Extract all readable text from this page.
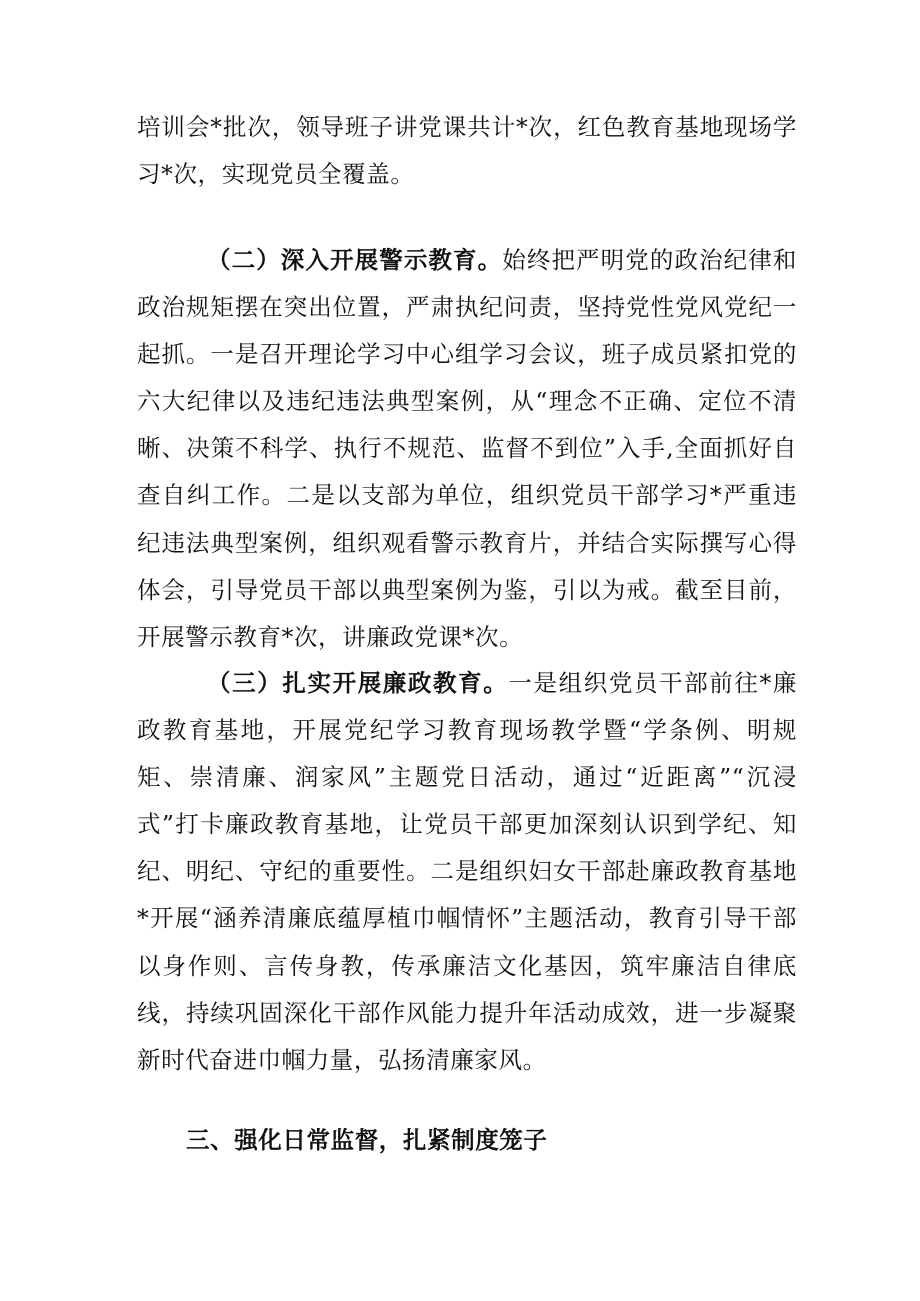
培训会*批次，领导班子讲党课共计*次，红色教育基地现场学习*次，实现党员全覆盖。

（二）深入开展警示教育。始终把严明党的政治纪律和政治规矩摆在突出位置，严肃执纪问责，坚持党性党风党纪一起抓。一是召开理论学习中心组学习会议，班子成员紧扣党的六大纪律以及违纪违法典型案例，从“理念不正确、定位不清晰、决策不科学、执行不规范、监督不到位”入手,全面抓好自查自纠工作。二是以支部为单位，组织党员干部学习*严重违纪违法典型案例，组织观看警示教育片，并结合实际撰写心得体会，引导党员干部以典型案例为鉴，引以为戒。截至目前，开展警示教育*次，讲廉政党课*次。

（三）扎实开展廉政教育。一是组织党员干部前往*廉政教育基地，开展党纪学习教育现场教学暨“学条例、明规矩、崇清廉、润家风”主题党日活动，通过“近距离”“沉浸式”打卡廉政教育基地，让党员干部更加深刻认识到学纪、知纪、明纪、守纪的重要性。二是组织妇女干部赴廉政教育基地*开展“涵养清廉底蕴厚植巾帼情怀”主题活动，教育引导干部以身作则、言传身教，传承廉洁文化基因，筑牢廉洁自律底线，持续巩固深化干部作风能力提升年活动成效，进一步凝聚新时代奋进巾帼力量，弘扬清廉家风。

三、强化日常监督，扎紧制度笼子
